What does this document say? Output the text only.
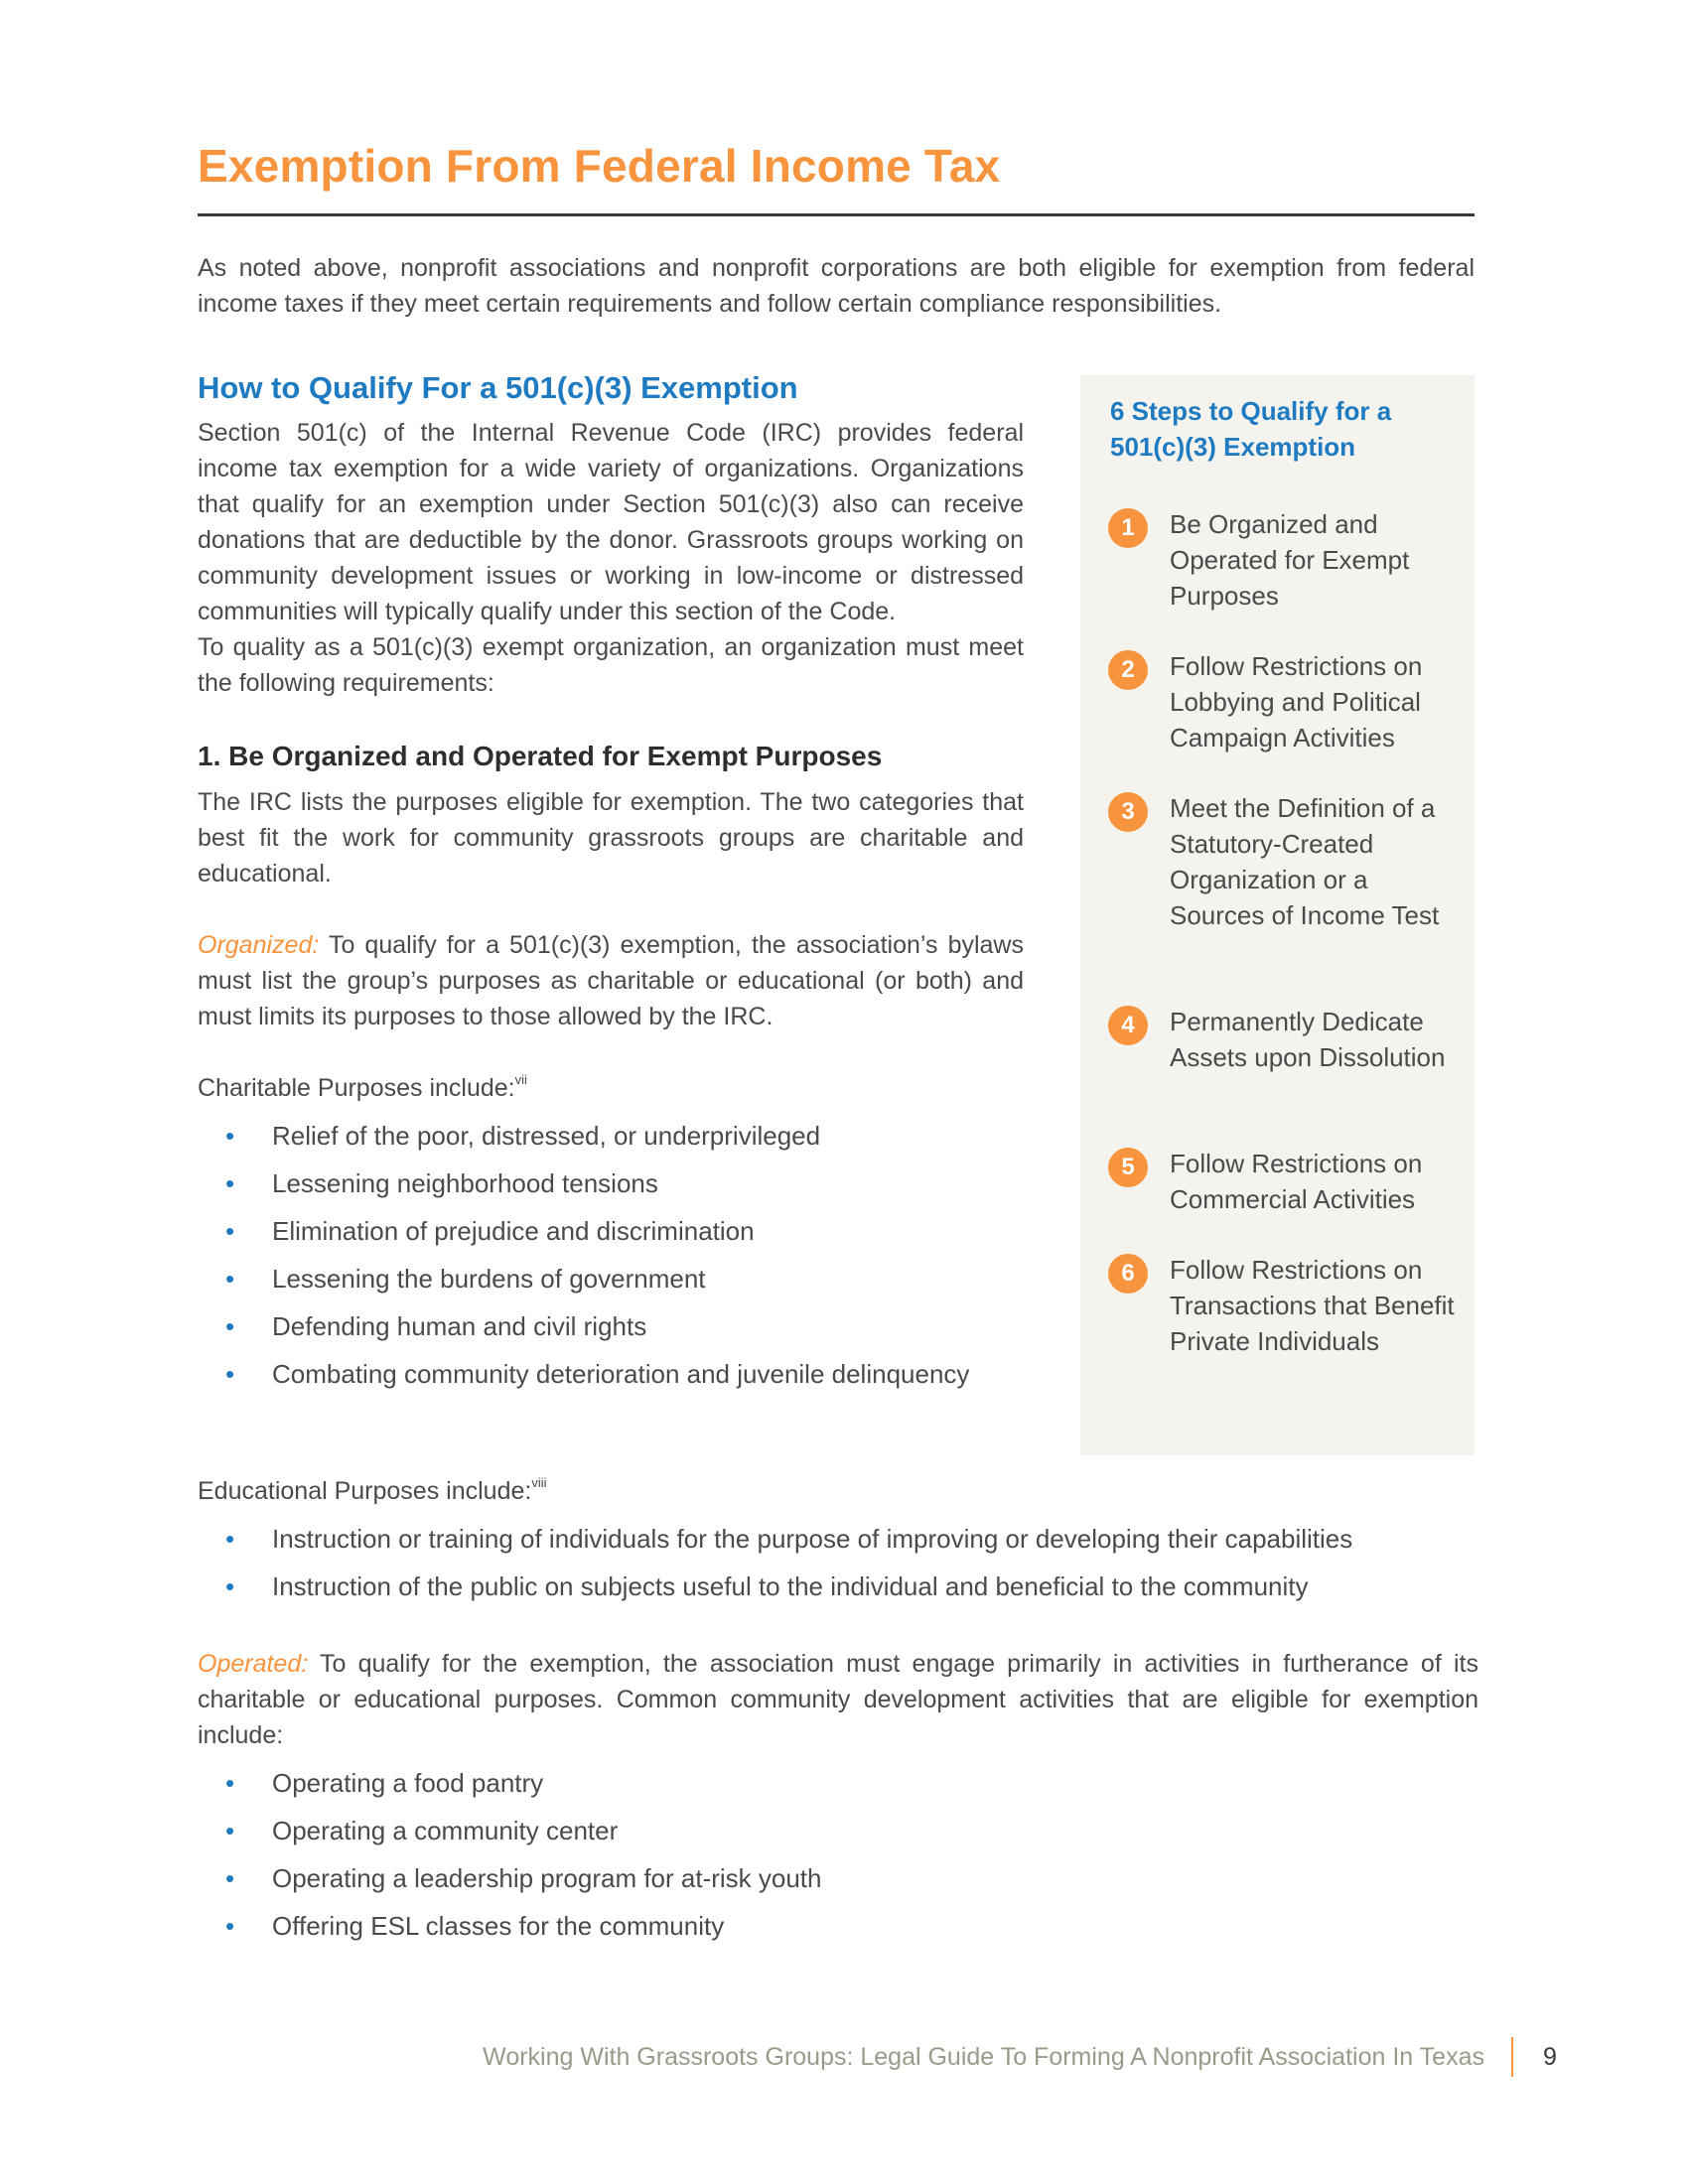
Exemption From Federal Income Tax

As noted above, nonprofit associations and nonprofit corporations are both eligible for exemption from federal income taxes if they meet certain requirements and follow certain compliance responsibilities.

How to Qualify For a 501(c)(3) Exemption

Section 501(c) of the Internal Revenue Code (IRC) provides federal income tax exemption for a wide variety of organizations. Organizations that qualify for an exemption under Section 501(c)(3) also can receive donations that are deductible by the donor. Grassroots groups working on community development issues or working in low-income or distressed communities will typically qualify under this section of the Code.

To quality as a 501(c)(3) exempt organization, an organization must meet the following requirements:

1. Be Organized and Operated for Exempt Purposes

The IRC lists the purposes eligible for exemption. The two categories that best fit the work for community grassroots groups are charitable and educational.

Organized: To qualify for a 501(c)(3) exemption, the association’s bylaws must list the group’s purposes as charitable or educational (or both) and must limits its purposes to those allowed by the IRC.

Charitable Purposes include:$^{vii}$

• Relief of the poor, distressed, or underprivileged
• Lessening neighborhood tensions
• Elimination of prejudice and discrimination
• Lessening the burdens of government
• Defending human and civil rights
• Combating community deterioration and juvenile delinquency

Educational Purposes include:$^{viii}$

• Instruction or training of individuals for the purpose of improving or developing their capabilities
• Instruction of the public on subjects useful to the individual and beneficial to the community

Operated: To qualify for the exemption, the association must engage primarily in activities in furtherance of its charitable or educational purposes. Common community development activities that are eligible for exemption include:

• Operating a food pantry
• Operating a community center
• Operating a leadership program for at-risk youth
• Offering ESL classes for the community
6 Steps to Qualify for a 501(c)(3) Exemption
1	Be Organized and Operated for Exempt Purposes
2	Follow Restrictions on Lobbying and Political Campaign Activities
3	Meet the Definition of a Statutory-Created Organization or a Sources of Income Test
4	Permanently Dedicate Assets upon Dissolution
5	Follow Restrictions on Commercial Activities
6	Follow Restrictions on Transactions that Benefit Private Individuals
Working With Grassroots Groups: Legal Guide To Forming A Nonprofit Association In Texas 9
